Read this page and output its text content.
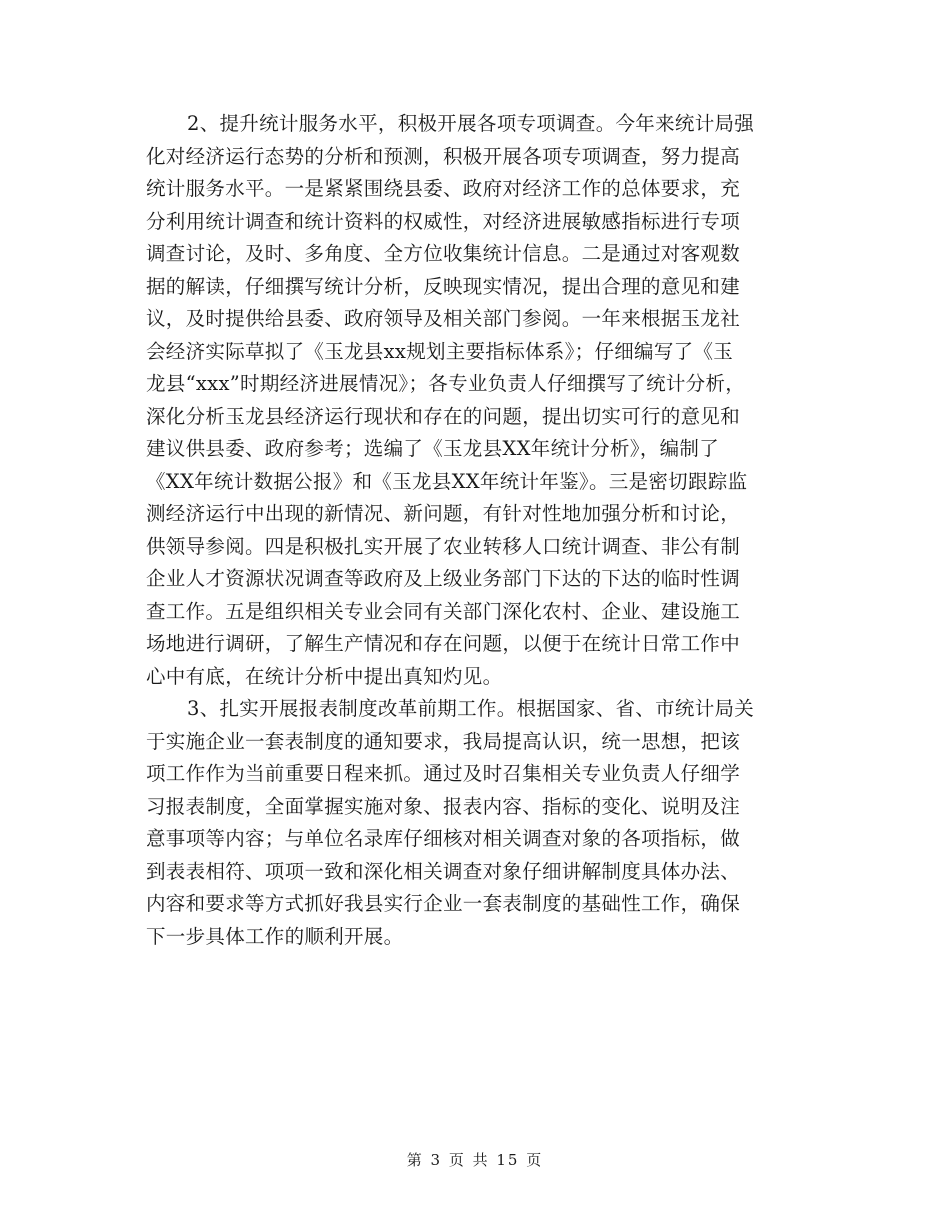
2、提升统计服务水平，积极开展各项专项调查。今年来统计局强
化对经济运行态势的分析和预测，积极开展各项专项调查，努力提高
统计服务水平。一是紧紧围绕县委、政府对经济工作的总体要求，充
分利用统计调查和统计资料的权威性，对经济进展敏感指标进行专项
调查讨论，及时、多角度、全方位收集统计信息。二是通过对客观数
据的解读，仔细撰写统计分析，反映现实情况，提出合理的意见和建
议，及时提供给县委、政府领导及相关部门参阅。一年来根据玉龙社
会经济实际草拟了《玉龙县xx规划主要指标体系》；仔细编写了《玉
龙县“xxx”时期经济进展情况》；各专业负责人仔细撰写了统计分析，
深化分析玉龙县经济运行现状和存在的问题，提出切实可行的意见和
建议供县委、政府参考；选编了《玉龙县XX年统计分析》，编制了
《XX年统计数据公报》和《玉龙县XX年统计年鉴》。三是密切跟踪监
测经济运行中出现的新情况、新问题，有针对性地加强分析和讨论，
供领导参阅。四是积极扎实开展了农业转移人口统计调查、非公有制
企业人才资源状况调查等政府及上级业务部门下达的下达的临时性调
查工作。五是组织相关专业会同有关部门深化农村、企业、建设施工
场地进行调研，了解生产情况和存在问题，以便于在统计日常工作中
心中有底，在统计分析中提出真知灼见。
3、扎实开展报表制度改革前期工作。根据国家、省、市统计局关
于实施企业一套表制度的通知要求，我局提高认识，统一思想，把该
项工作作为当前重要日程来抓。通过及时召集相关专业负责人仔细学
习报表制度，全面掌握实施对象、报表内容、指标的变化、说明及注
意事项等内容；与单位名录库仔细核对相关调查对象的各项指标，做
到表表相符、项项一致和深化相关调查对象仔细讲解制度具体办法、
内容和要求等方式抓好我县实行企业一套表制度的基础性工作，确保
下一步具体工作的顺利开展。
第 3 页 共 15 页
